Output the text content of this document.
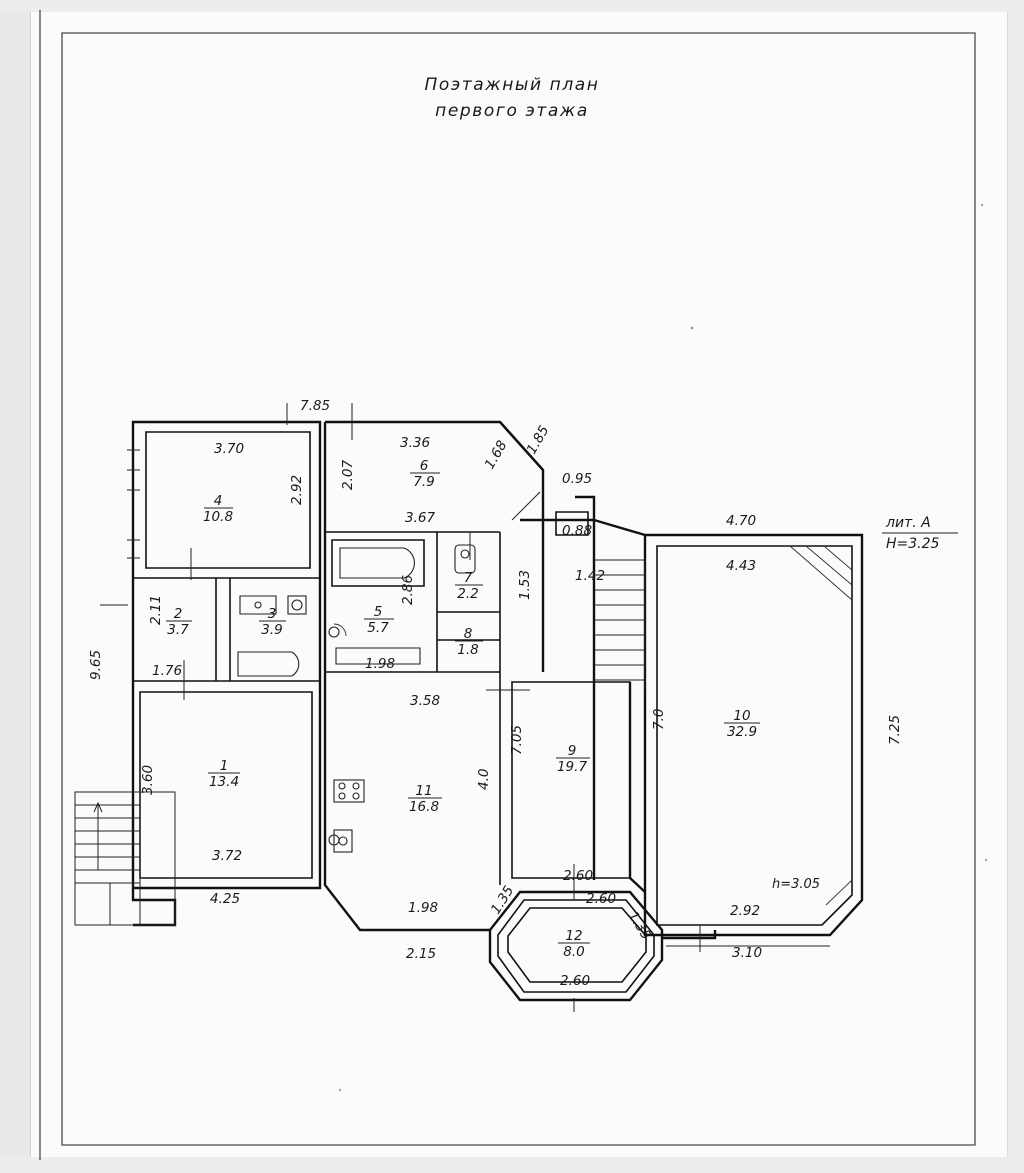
Поэтажный план
первого этажа
7.85
3.70	3.36
3.67
1.85
1.68
0.95
0.88
2.07
2.92
2.11
1.76
3.60
9.65
2.86	1.53	1.42
7.05
4.0
7.0	7.25
1.98
3.58
3.72
4.25
1.98
2.15
1.35
1.35
2.60
2.60
2.60
4.70
4.43
2.92
3.10
4
10.8
2
3.7
3
3.9
1
13.4
6
7.9
5
5.7
7
2.2
8
1.8
11
16.8
9
19.7
10
32.9
12
8.0
лит. А
H=3.25
h=3.05
